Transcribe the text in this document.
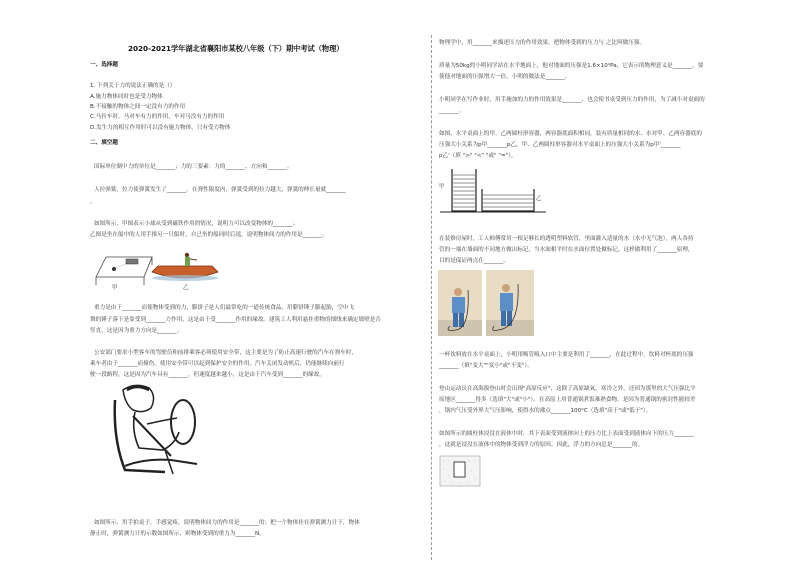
2020-2021学年湖北省襄阳市某校八年级（下）期中考试（物理）
一、选择题
1. 下列关于力的说法正确的是（）
A.施力物体同时也是受力物体
B.不接触的物体之间一定没有力的作用
C.马拉车时，马对车有力的作用，车对马没有力的作用
D.发生力的相互作用时可以没有施力物体，只有受力物体
二、填空题
国际单位制中力的单位是_______；力的三要素：力的_______、方向和_______。
人拉弹簧，拉力使弹簧发生了_______。在弹性限度内，弹簧受到的拉力越大，弹簧的伸长量就_______
。
如图所示，甲图表示小球从受到磁铁作用的情况，说明力可以改变物体的_______；
乙图是坐在船中的人用手推另一只船时，自己坐的船同时后退，说明物体间力的作用是_______。
甲	乙
重力是由于_______而使物体受到的力，膨饼子是人们最常吃的一道传统食品，用膨饼锤子膨起胎，空中飞
舞的锤子落下是靠受到_______力作用，这是由于受_______作用的缘故。建筑工人利用悬挂重物的细线来确定墙壁是否
竖直，这是因为重力方向是_______。
公安部门要求小型客车的驾驶员和前排乘客必须使用安全带，这主要是为了防止高速行驶的汽车在刹车时，
乘车者由于_______而撞伤。使用安全带可以起到保护安全的作用。汽车关闭发动机后，仍能继续向前行
驶一段路程，这是因为汽车具有_______，但速度越来越小，这是由于汽车受到_______的缘故。
如图所示，用手拍桌子，手感觉疼，说明物体间力的作用是_______的；把一个物体挂在弹簧测力计下，物体
静止时，弹簧测力计的示数如图所示，则物体受到的重力为_______N。
物理学中，用_______来描述压力的作用效果，把物体受到的压力与 之比叫做压强。
质量为50kg的小明同学站在水平地面上，他对地面的压强是1.6×10⁴Pa，它表示的物理意义是_______，要
使他对地面的压强增大一倍，小明的做法是_______。
小明同学在写作业时，用手施加的力的作用效果是_______，也会使书桌受到压力的作用，为了减小对桌面的
_______。
如图，水平桌面上的甲、乙两圆柱形容器，两容器底面积相同，装有质量相同的水、水对甲、乙两容器底的
压强大小关系为p甲_______p乙，甲、乙两圆柱形容器对水平桌面上的压强大小关系为p甲'_______
p乙'（填 ">" "<" "或" "="）。
甲
乙
在装修房屋时，工人师傅常用一根足够长的透明塑料软管，里面灌入适量的水（水中无气泡），两人各持
管的一端在墙面的不同地方做出标记，当水面相平时在水面位置处做标记，这样做利用了_______原理，
目的是保证两点在_______。
一杯饮料放在水平桌面上，小明用吸管吸入口中主要是利用了_______，在此过程中，饮料对杯底的压强
_______（填"变大""变小"或"不变"）。
登山运动员在高海拔登山时会出现"高原反应"，这除了高原缺氧、寒冷之外，还因为那里的大气压强比平
原地区_______得多（选填"大"或"小"）。在高原上用普通锅煮饭难熟食物，是因为普通锅的密封性能较差
，锅内气压受外界大气压影响，使得水的沸点_______100°C（选填"高于"或"低于"）。
如图所示的圆柱体浸没在液体中时，其下表面受到液体向上的压力比上表面受到液体向下的压力_______
，这就是浸没在液体中的物体受到浮力的原因。因此，浮力的方向总是_______的。
